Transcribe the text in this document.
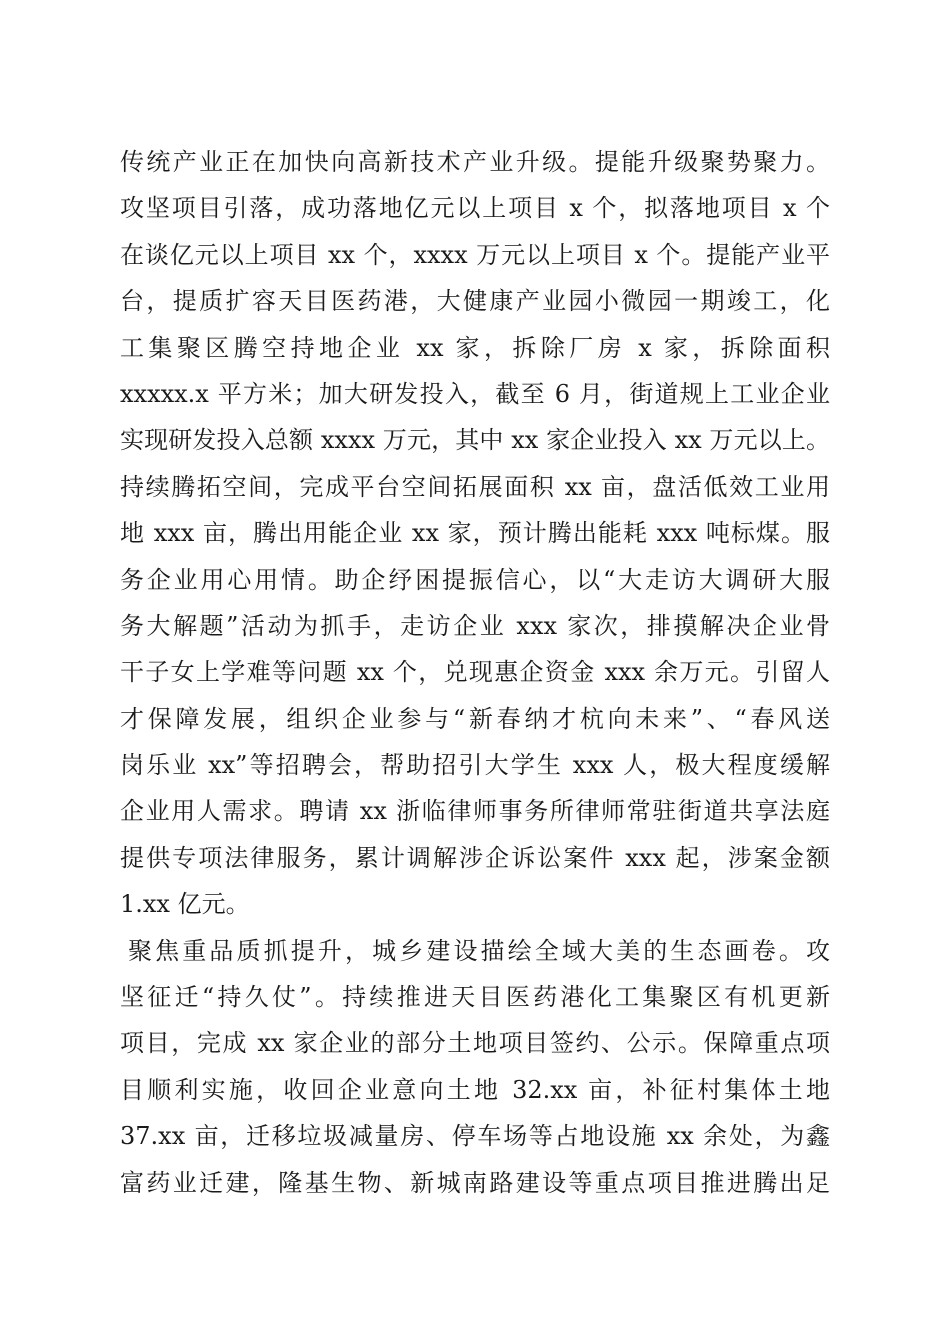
传统产业正在加快向高新技术产业升级。提能升级聚势聚力。
攻坚项目引落，成功落地亿元以上项目 x 个，拟落地项目 x 个
在谈亿元以上项目 xx 个，xxxx 万元以上项目 x 个。提能产业平
台，提质扩容天目医药港，大健康产业园小微园一期竣工，化
工集聚区腾空持地企业 xx 家，拆除厂房 x 家，拆除面积
xxxxx.x 平方米；加大研发投入，截至 6 月，街道规上工业企业
实现研发投入总额 xxxx 万元，其中 xx 家企业投入 xx 万元以上。
持续腾拓空间，完成平台空间拓展面积 xx 亩，盘活低效工业用
地 xxx 亩，腾出用能企业 xx 家，预计腾出能耗 xxx 吨标煤。服
务企业用心用情。助企纾困提振信心，以“大走访大调研大服
务大解题”活动为抓手，走访企业 xxx 家次，排摸解决企业骨
干子女上学难等问题 xx 个，兑现惠企资金 xxx 余万元。引留人
才保障发展，组织企业参与“新春纳才杭向未来”、“春风送
岗乐业 xx”等招聘会，帮助招引大学生 xxx 人，极大程度缓解
企业用人需求。聘请 xx 浙临律师事务所律师常驻街道共享法庭
提供专项法律服务，累计调解涉企诉讼案件 xxx 起，涉案金额
1.xx 亿元。
聚焦重品质抓提升，城乡建设描绘全域大美的生态画卷。攻
坚征迁“持久仗”。持续推进天目医药港化工集聚区有机更新
项目，完成 xx 家企业的部分土地项目签约、公示。保障重点项
目顺利实施，收回企业意向土地 32.xx 亩，补征村集体土地
37.xx 亩，迁移垃圾减量房、停车场等占地设施 xx 余处，为鑫
富药业迁建，隆基生物、新城南路建设等重点项目推进腾出足
